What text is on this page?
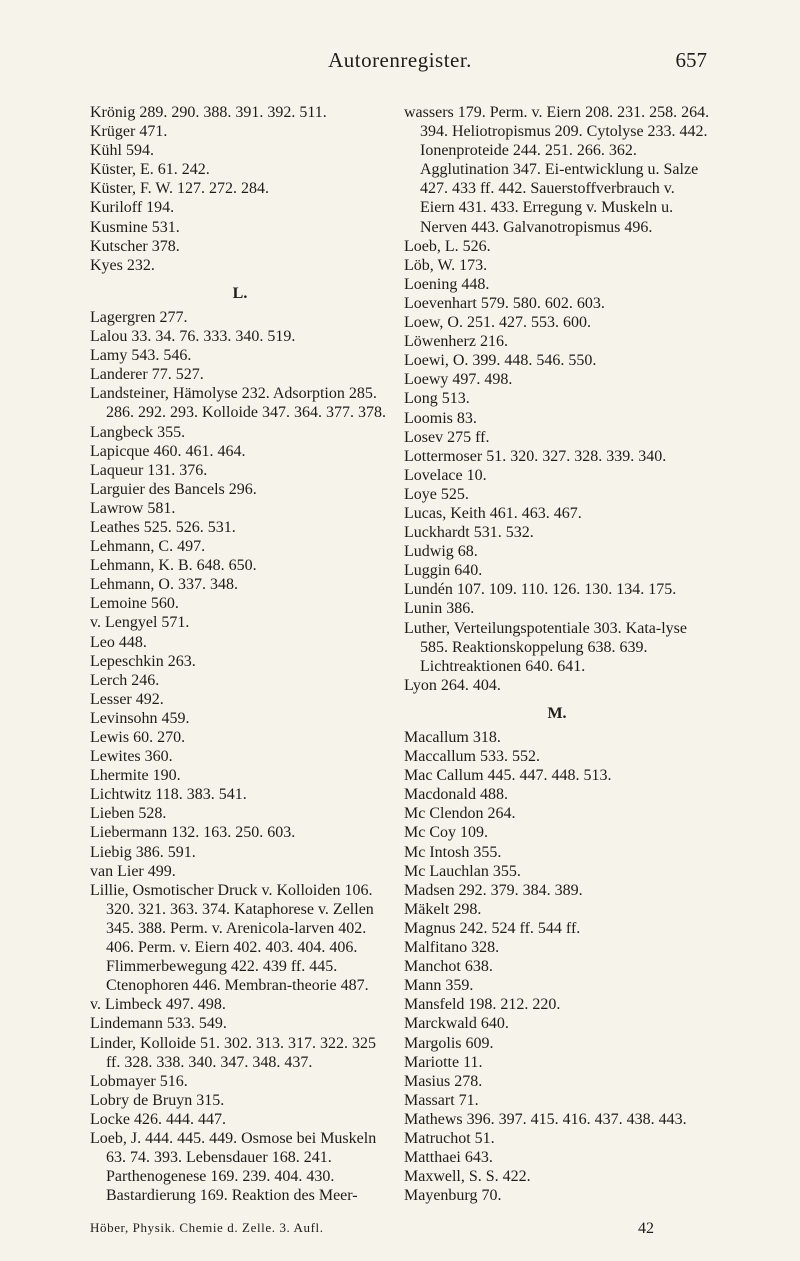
Autorenregister.	657
Krönig 289. 290. 388. 391. 392. 511.
Krüger 471.
Kühl 594.
Küster, E. 61. 242.
Küster, F. W. 127. 272. 284.
Kuriloff 194.
Kusmine 531.
Kutscher 378.
Kyes 232.
L.
Lagergren 277.
Lalou 33. 34. 76. 333. 340. 519.
Lamy 543. 546.
Landerer 77. 527.
Landsteiner, Hämolyse 232. Adsorption 285. 286. 292. 293. Kolloide 347. 364. 377. 378.
Langbeck 355.
Lapicque 460. 461. 464.
Laqueur 131. 376.
Larguier des Bancels 296.
Lawrow 581.
Leathes 525. 526. 531.
Lehmann, C. 497.
Lehmann, K. B. 648. 650.
Lehmann, O. 337. 348.
Lemoine 560.
v. Lengyel 571.
Leo 448.
Lepeschkin 263.
Lerch 246.
Lesser 492.
Levinsohn 459.
Lewis 60. 270.
Lewites 360.
Lhermite 190.
Lichtwitz 118. 383. 541.
Lieben 528.
Liebermann 132. 163. 250. 603.
Liebig 386. 591.
van Lier 499.
Lillie, Osmotischer Druck v. Kolloiden 106. 320. 321. 363. 374. Kataphorese v. Zellen 345. 388. Perm. v. Arenicola-larven 402. 406. Perm. v. Eiern 402. 403. 404. 406. Flimmerbewegung 422. 439 ff. 445. Ctenophoren 446. Membran-theorie 487.
v. Limbeck 497. 498.
Lindemann 533. 549.
Linder, Kolloide 51. 302. 313. 317. 322. 325 ff. 328. 338. 340. 347. 348. 437.
Lobmayer 516.
Lobry de Bruyn 315.
Locke 426. 444. 447.
Loeb, J. 444. 445. 449. Osmose bei Muskeln 63. 74. 393. Lebensdauer 168. 241. Parthenogenese 169. 239. 404. 430. Bastardierung 169. Reaktion des Meer-
wassers 179. Perm. v. Eiern 208. 231. 258. 264. 394. Heliotropismus 209. Cytolyse 233. 442. Ionenproteide 244. 251. 266. 362. Agglutination 347. Ei-entwicklung u. Salze 427. 433 ff. 442. Sauerstoffverbrauch v. Eiern 431. 433. Erregung v. Muskeln u. Nerven 443. Galvanotropismus 496.
Loeb, L. 526.
Löb, W. 173.
Loening 448.
Loevenhart 579. 580. 602. 603.
Loew, O. 251. 427. 553. 600.
Löwenherz 216.
Loewi, O. 399. 448. 546. 550.
Loewy 497. 498.
Long 513.
Loomis 83.
Losev 275 ff.
Lottermoser 51. 320. 327. 328. 339. 340.
Lovelace 10.
Loye 525.
Lucas, Keith 461. 463. 467.
Luckhardt 531. 532.
Ludwig 68.
Luggin 640.
Lundén 107. 109. 110. 126. 130. 134. 175.
Lunin 386.
Luther, Verteilungspotentiale 303. Kata-lyse 585. Reaktionskoppelung 638. 639. Lichtreaktionen 640. 641.
Lyon 264. 404.
M.
Macallum 318.
Maccallum 533. 552.
Mac Callum 445. 447. 448. 513.
Macdonald 488.
Mc Clendon 264.
Mc Coy 109.
Mc Intosh 355.
Mc Lauchlan 355.
Madsen 292. 379. 384. 389.
Mäkelt 298.
Magnus 242. 524 ff. 544 ff.
Malfitano 328.
Manchot 638.
Mann 359.
Mansfeld 198. 212. 220.
Marckwald 640.
Margolis 609.
Mariotte 11.
Masius 278.
Massart 71.
Mathews 396. 397. 415. 416. 437. 438. 443.
Matruchot 51.
Matthaei 643.
Maxwell, S. S. 422.
Mayenburg 70.
Höber, Physik. Chemie d. Zelle. 3. Aufl.	42
